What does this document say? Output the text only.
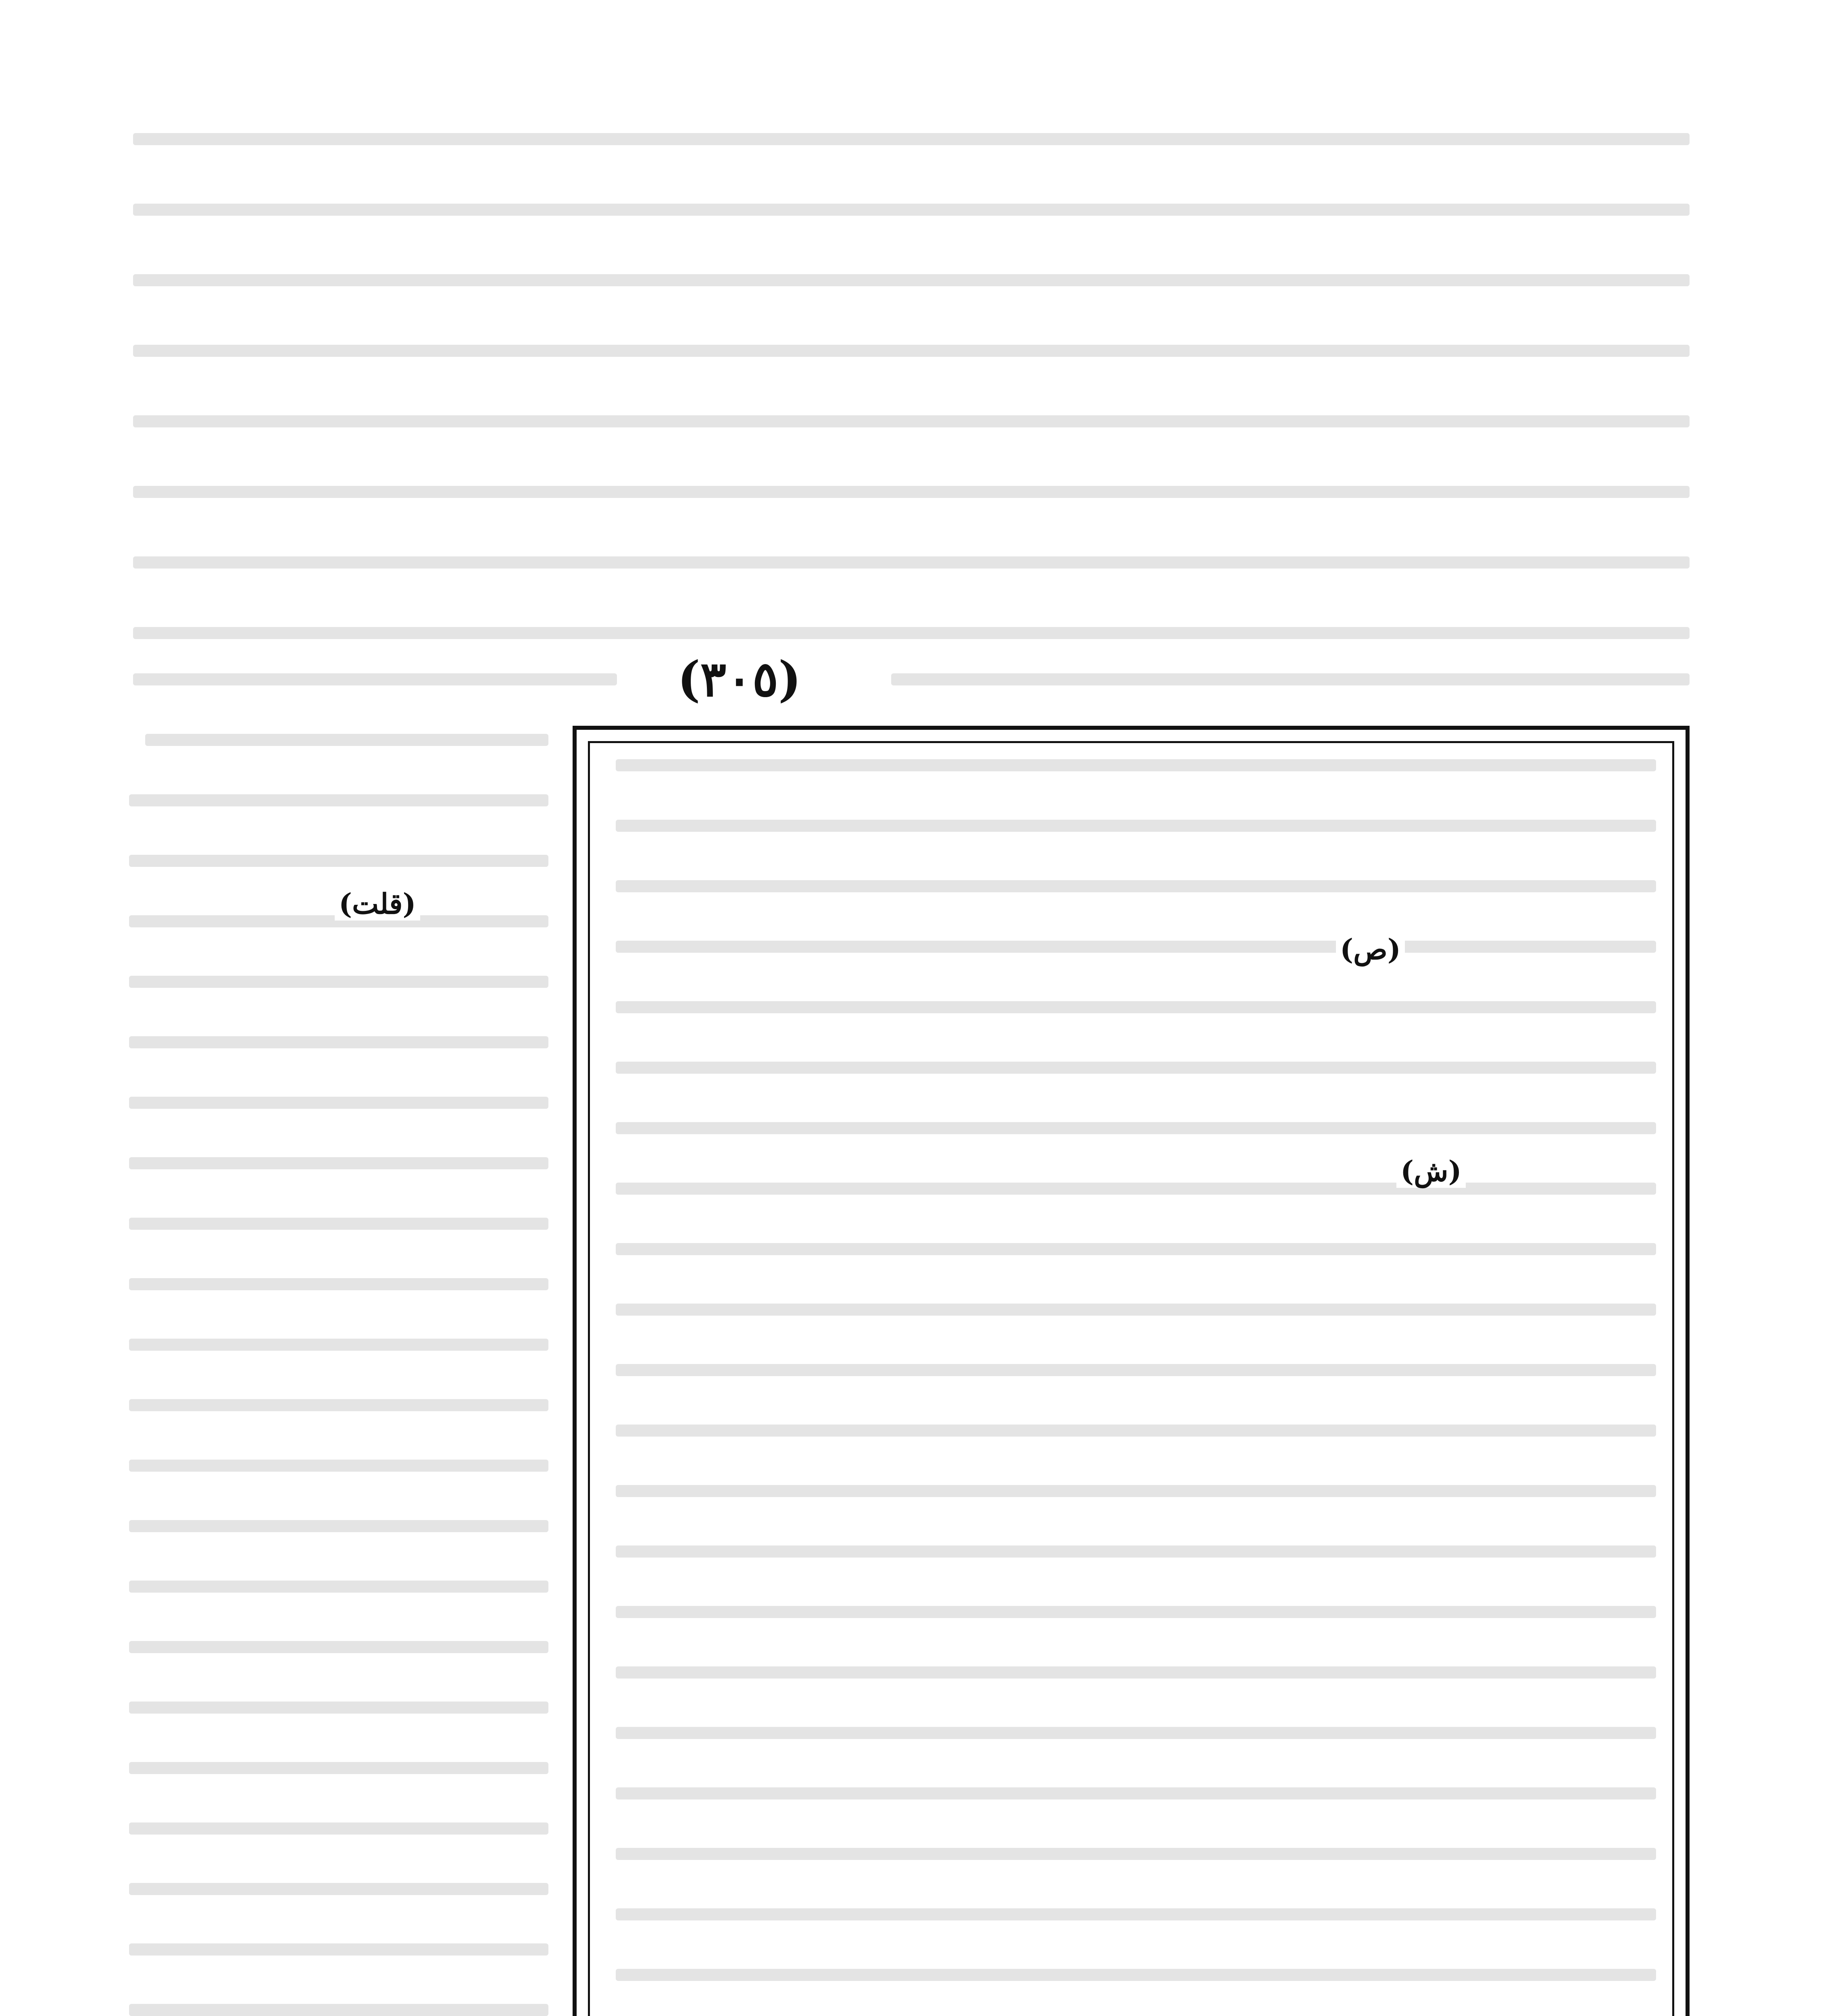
(٣٠٥)
(قلت)
(ص)
(ش)
